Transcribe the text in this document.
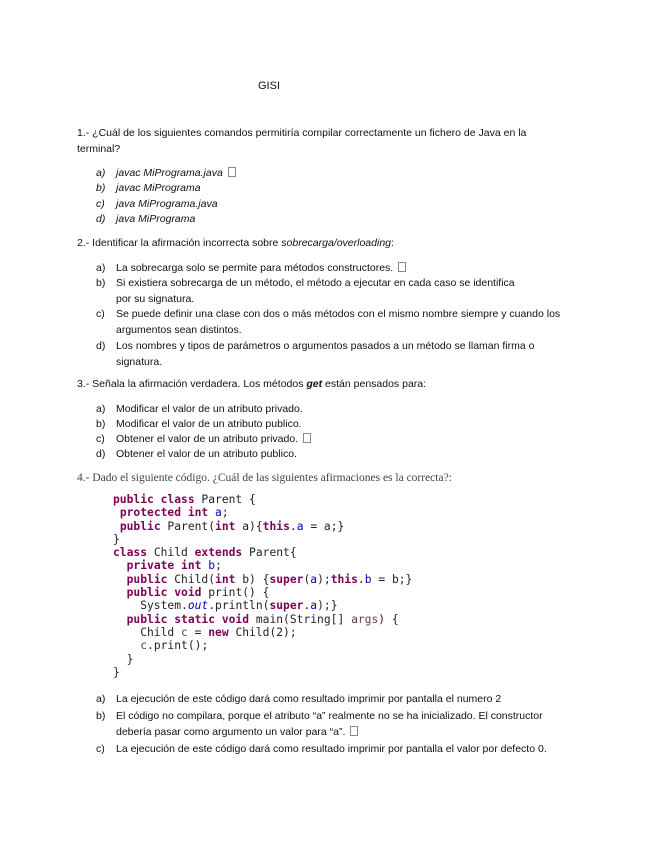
GISI
1.- ¿Cuál de los siguientes comandos permitiría compilar correctamente un fichero de Java en la
terminal?
a) javac MiPrograma.java
b) javac MiPrograma
c) java MiPrograma.java
d) java MiPrograma
2.- Identificar la afirmación incorrecta sobre sobrecarga/overloading:
a) La sobrecarga solo se permite para métodos constructores.
b) Si existiera sobrecarga de un método, el método a ejecutar en cada caso se identifica
por su signatura.
c) Se puede definir una clase con dos o más métodos con el mismo nombre siempre y cuando los
argumentos sean distintos.
d) Los nombres y tipos de parámetros o argumentos pasados a un método se llaman firma o
signatura.
3.- Señala la afirmación verdadera. Los métodos get están pensados para:
a) Modificar el valor de un atributo privado.
b) Modificar el valor de un atributo publico.
c) Obtener el valor de un atributo privado.
d) Obtener el valor de un atributo publico.
4.- Dado el siguiente código. ¿Cuál de las siguientes afirmaciones es la correcta?:
public class Parent {
protected int a;
public Parent(int a){this.a = a;}
}
class Child extends Parent{
private int b;
public Child(int b) {super(a);this.b = b;}
public void print() {
System.out.println(super.a);}
public static void main(String[] args) {
Child c = new Child(2);
c.print();
}
}
a) La ejecución de este código dará como resultado imprimir por pantalla el numero 2
b) El código no compilara, porque el atributo “a” realmente no se ha inicializado. El constructor
debería pasar como argumento un valor para “a”.
c) La ejecución de este código dará como resultado imprimir por pantalla el valor por defecto 0.
